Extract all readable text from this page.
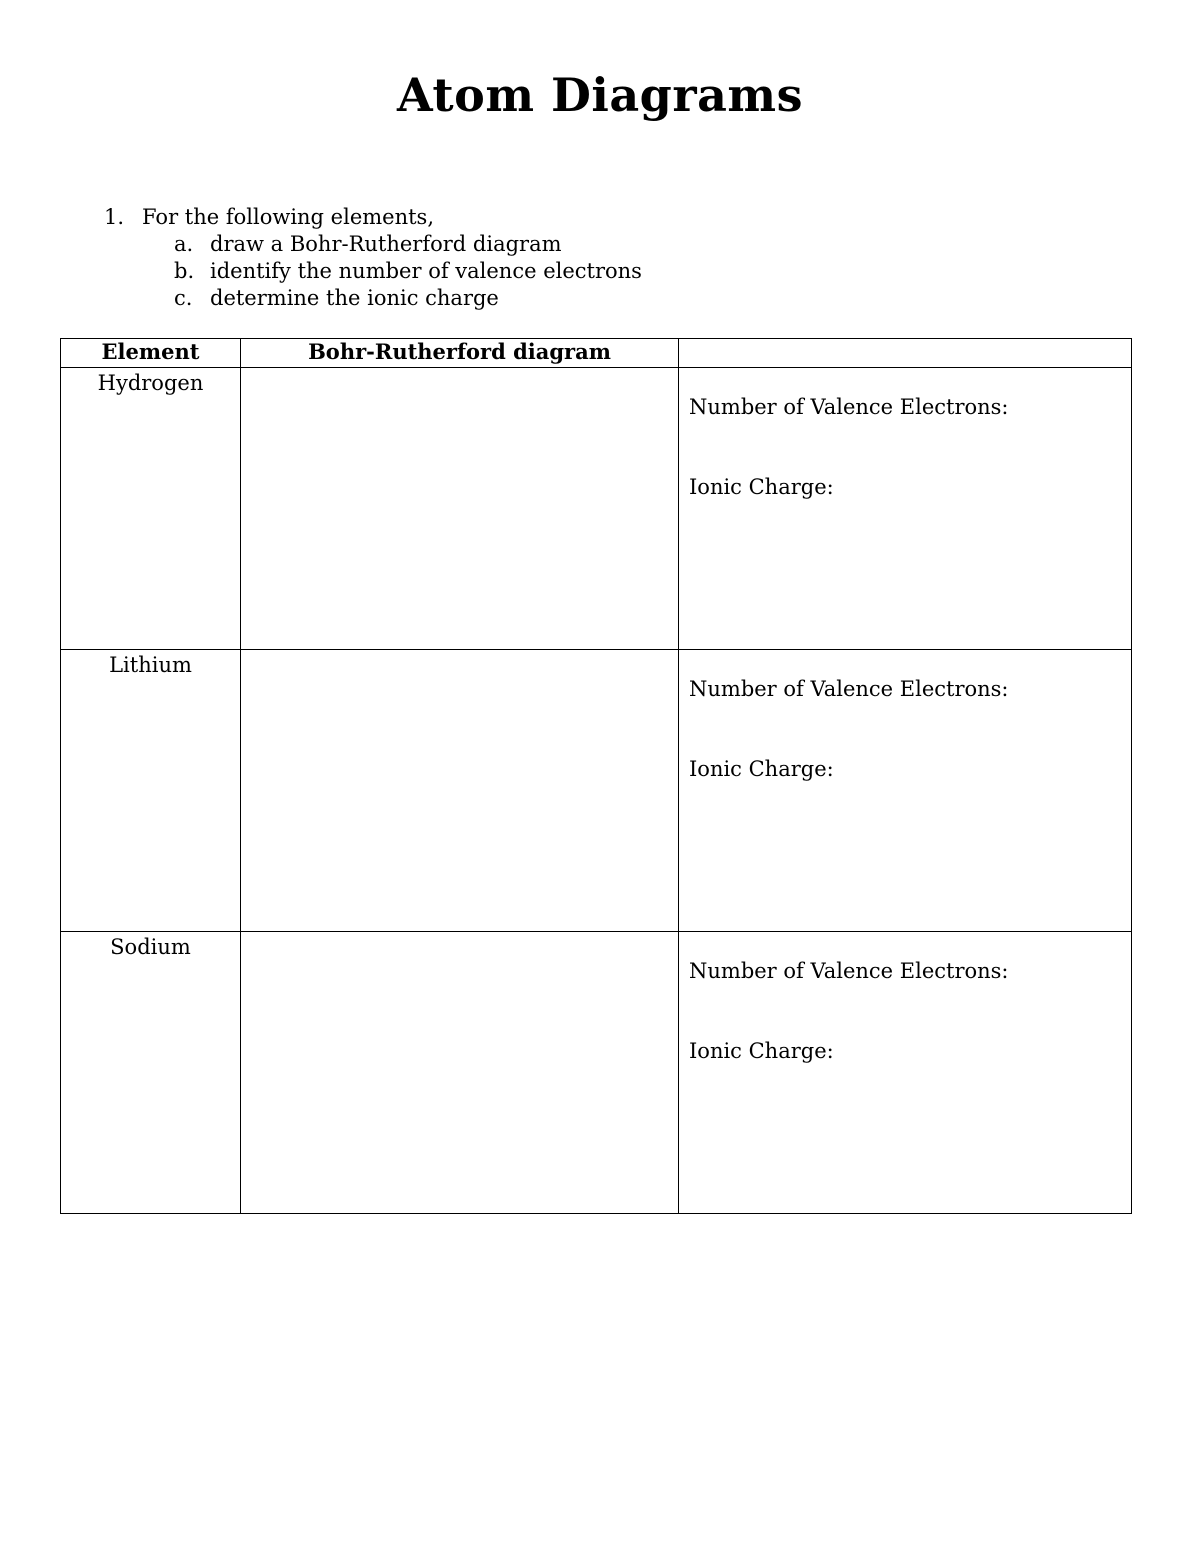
Atom Diagrams
1. For the following elements,
a. draw a Bohr-Rutherford diagram
b. identify the number of valence electrons
c. determine the ionic charge
Element	Bohr-Rutherford diagram	

Hydrogen		Number of Valence Electrons:
Ionic Charge:

Lithium		Number of Valence Electrons:
Ionic Charge:

Sodium		Number of Valence Electrons:
Ionic Charge:
